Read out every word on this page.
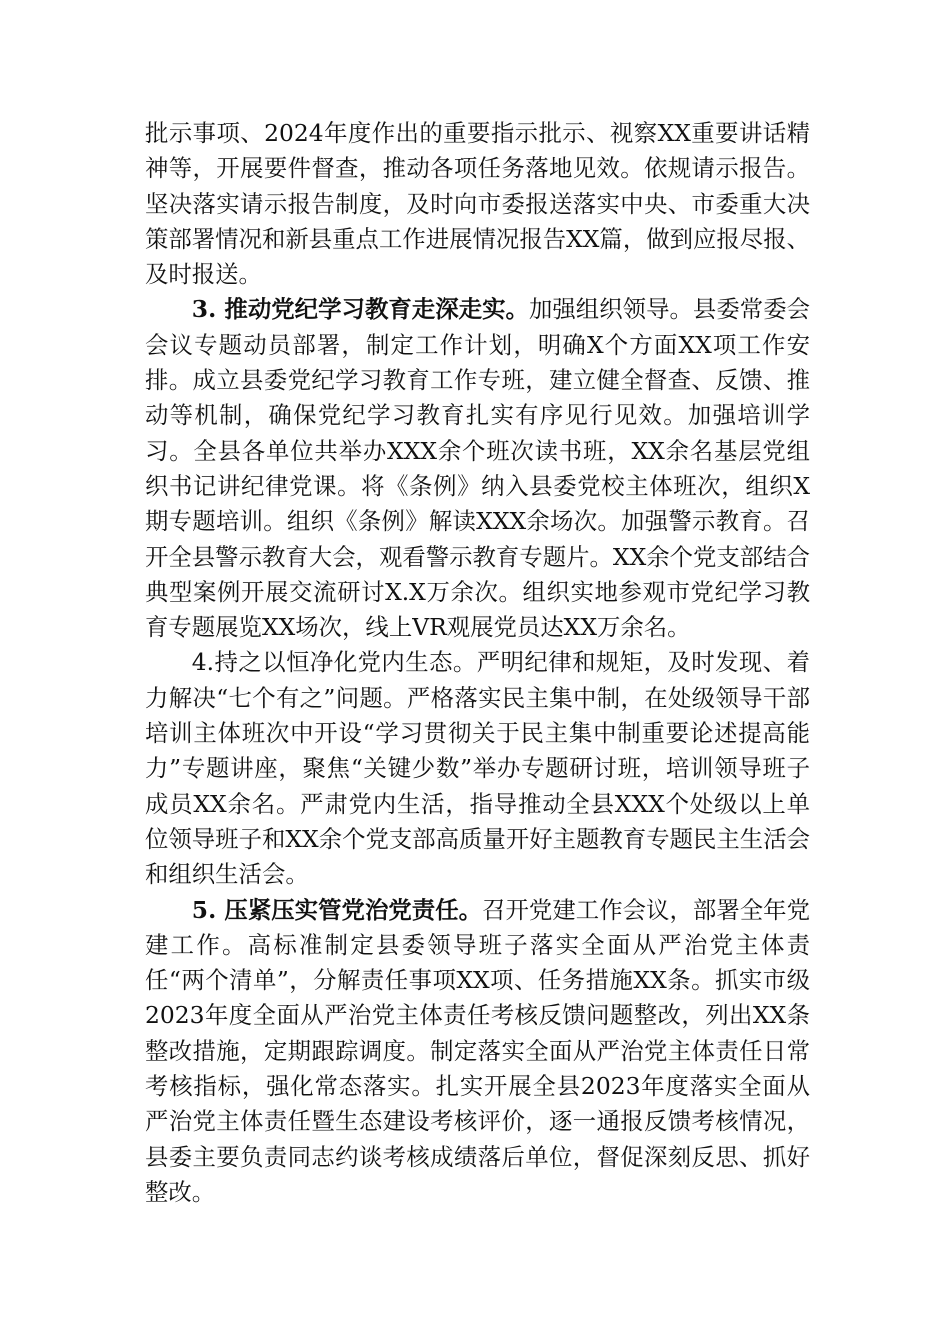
批示事项、2024年度作出的重要指示批示、视察XX重要讲话精神等，开展要件督查，推动各项任务落地见效。依规请示报告。坚决落实请示报告制度，及时向市委报送落实中央、市委重大决策部署情况和新县重点工作进展情况报告XX篇，做到应报尽报、及时报送。

3. 推动党纪学习教育走深走实。加强组织领导。县委常委会会议专题动员部署，制定工作计划，明确X个方面XX项工作安排。成立县委党纪学习教育工作专班，建立健全督查、反馈、推动等机制，确保党纪学习教育扎实有序见行见效。加强培训学习。全县各单位共举办XXX余个班次读书班，XX余名基层党组织书记讲纪律党课。将《条例》纳入县委党校主体班次，组织X期专题培训。组织《条例》解读XXX余场次。加强警示教育。召开全县警示教育大会，观看警示教育专题片。XX余个党支部结合典型案例开展交流研讨X.X万余次。组织实地参观市党纪学习教育专题展览XX场次，线上VR观展党员达XX万余名。

4.持之以恒净化党内生态。严明纪律和规矩，及时发现、着力解决“七个有之”问题。严格落实民主集中制，在处级领导干部培训主体班次中开设“学习贯彻关于民主集中制重要论述提高能力”专题讲座，聚焦“关键少数”举办专题研讨班，培训领导班子成员XX余名。严肃党内生活，指导推动全县XXX个处级以上单位领导班子和XX余个党支部高质量开好主题教育专题民主生活会和组织生活会。

5. 压紧压实管党治党责任。召开党建工作会议，部署全年党建工作。高标准制定县委领导班子落实全面从严治党主体责任“两个清单”，分解责任事项XX项、任务措施XX条。抓实市级2023年度全面从严治党主体责任考核反馈问题整改，列出XX条整改措施，定期跟踪调度。制定落实全面从严治党主体责任日常考核指标，强化常态落实。扎实开展全县2023年度落实全面从严治党主体责任暨生态建设考核评价，逐一通报反馈考核情况，县委主要负责同志约谈考核成绩落后单位，督促深刻反思、抓好整改。
